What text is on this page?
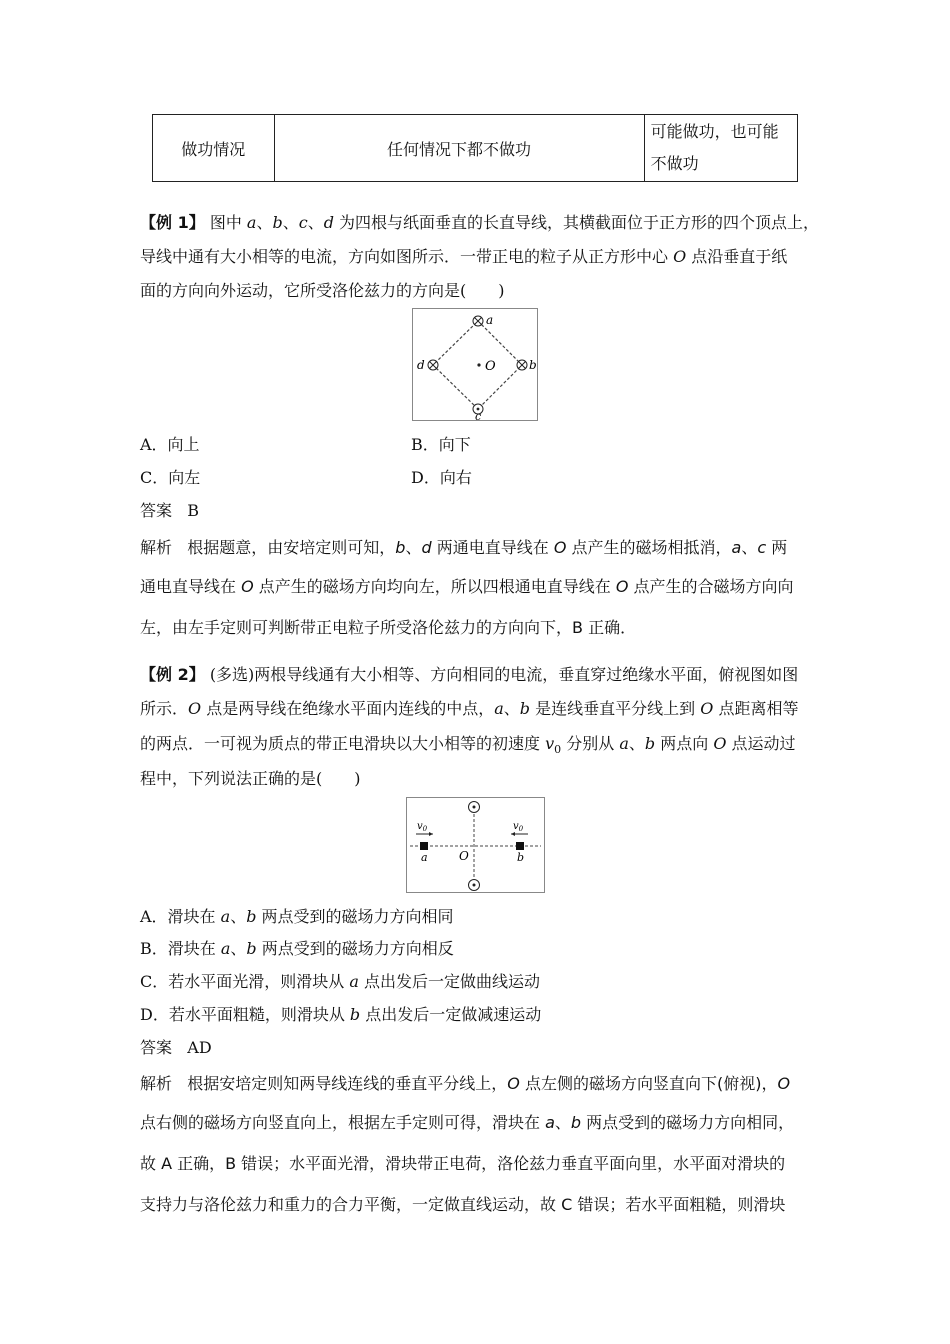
做功情况	任何情况下都不做功	可能做功，也可能
不做功
【例 1】 图中 a、b、c、d 为四根与纸面垂直的长直导线，其横截面位于正方形的四个顶点上，
导线中通有大小相等的电流，方向如图所示．一带正电的粒子从正方形中心 O 点沿垂直于纸
面的方向向外运动，它所受洛伦兹力的方向是(　　)
a
b
d
c
O
A．向上	B．向下
C．向左	D．向右
答案 B
解析 根据题意，由安培定则可知，b、d 两通电直导线在 O 点产生的磁场相抵消，a、c 两
通电直导线在 O 点产生的磁场方向均向左，所以四根通电直导线在 O 点产生的合磁场方向向
左，由左手定则可判断带正电粒子所受洛伦兹力的方向向下，B 正确．
【例 2】 (多选)两根导线通有大小相等、方向相同的电流，垂直穿过绝缘水平面，俯视图如图
所示．O 点是两导线在绝缘水平面内连线的中点，a、b 是连线垂直平分线上到 O 点距离相等
的两点．一可视为质点的带正电滑块以大小相等的初速度 $v_0$ 分别从 a、b 两点向 O 点运动过
程中，下列说法正确的是(　　)
$v_0$	$v_0$
a	b
O
A．滑块在 a、b 两点受到的磁场力方向相同
B．滑块在 a、b 两点受到的磁场力方向相反
C．若水平面光滑，则滑块从 a 点出发后一定做曲线运动
D．若水平面粗糙，则滑块从 b 点出发后一定做减速运动
答案 AD
解析 根据安培定则知两导线连线的垂直平分线上，O 点左侧的磁场方向竖直向下(俯视)，O
点右侧的磁场方向竖直向上，根据左手定则可得，滑块在 a、b 两点受到的磁场力方向相同，
故 A 正确，B 错误；水平面光滑，滑块带正电荷，洛伦兹力垂直平面向里，水平面对滑块的
支持力与洛伦兹力和重力的合力平衡，一定做直线运动，故 C 错误；若水平面粗糙，则滑块
